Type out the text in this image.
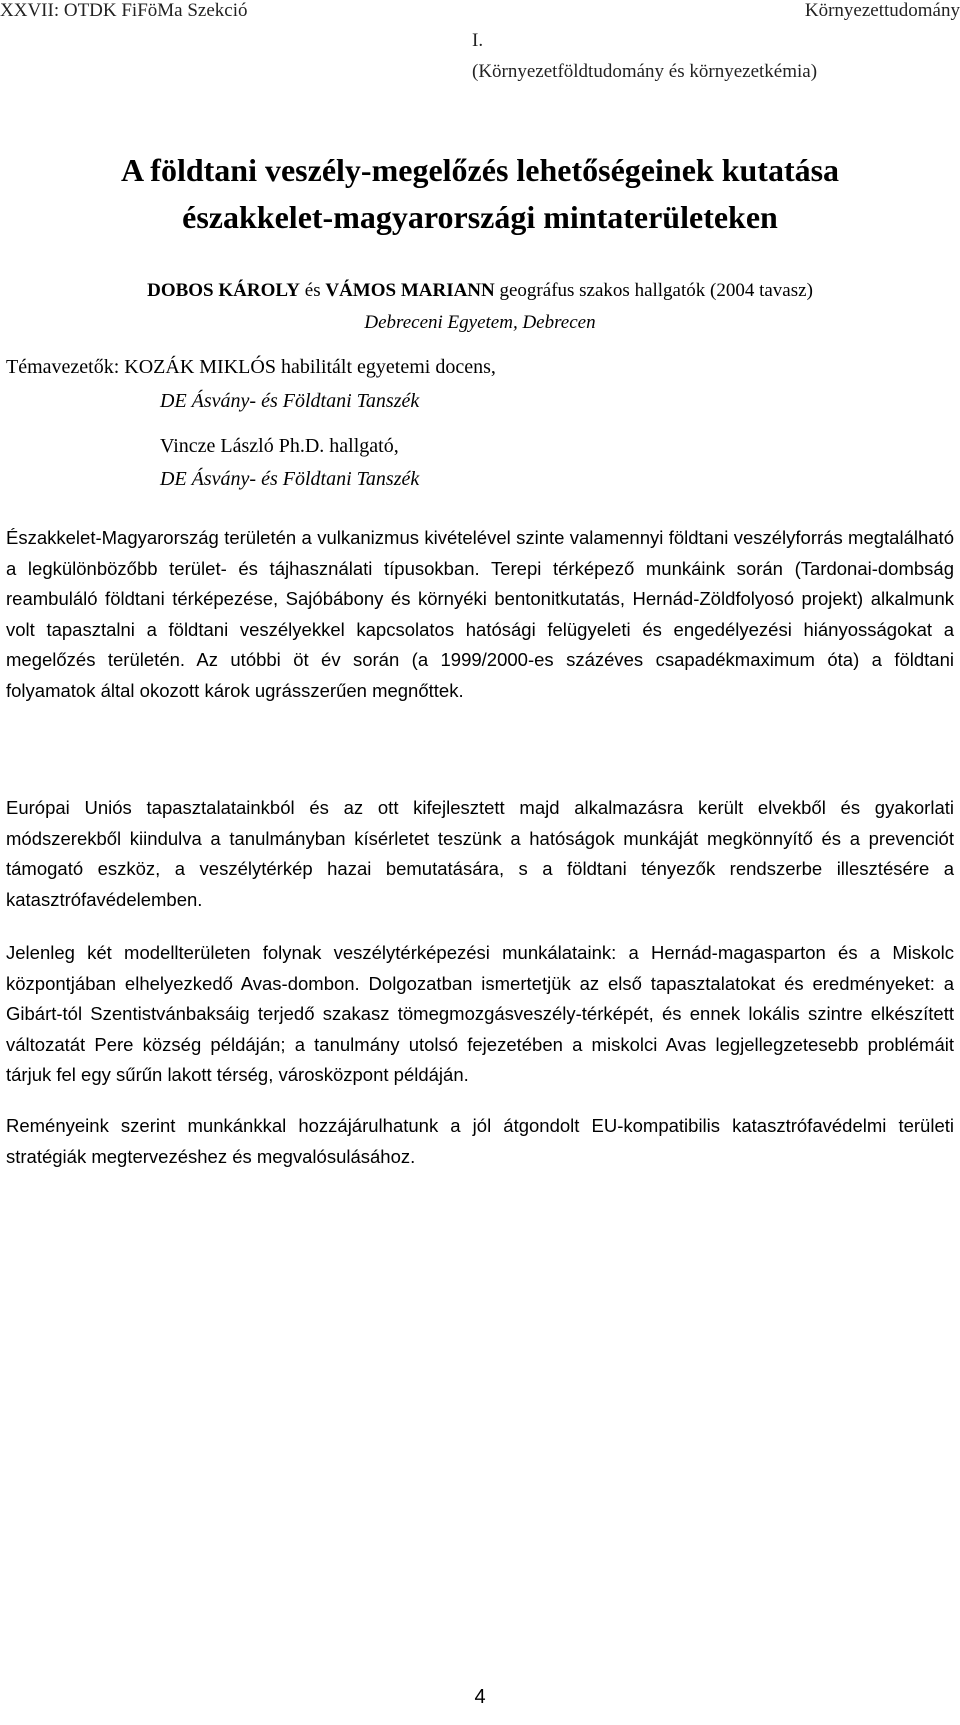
XXVII: OTDK FiFöMa Szekció	Környezettudomány
I.
(Környezetföldtudomány és környezetkémia)
A földtani veszély-megelőzés lehetőségeinek kutatása
északkelet-magyarországi mintaterületeken
DOBOS KÁROLY és VÁMOS MARIANN geográfus szakos hallgatók (2004 tavasz)
Debreceni Egyetem, Debrecen
Témavezetők: KOZÁK MIKLÓS habilitált egyetemi docens,
DE Ásvány- és Földtani Tanszék
Vincze László Ph.D. hallgató,
DE Ásvány- és Földtani Tanszék
Északkelet-Magyarország területén a vulkanizmus kivételével szinte valamennyi földtani veszélyforrás megtalálható a legkülönbözőbb terület- és tájhasználati típusokban. Terepi térképező munkáink során (Tardonai-dombság reambuláló földtani térképezése, Sajóbábony és környéki bentonitkutatás, Hernád-Zöldfolyosó projekt) alkalmunk volt tapasztalni a földtani veszélyekkel kapcsolatos hatósági felügyeleti és engedélyezési hiányosságokat a megelőzés területén. Az utóbbi öt év során (a 1999/2000-es százéves csapadékmaximum óta) a földtani folyamatok által okozott károk ugrásszerűen megnőttek.
Európai Uniós tapasztalatainkból és az ott kifejlesztett majd alkalmazásra került elvekből és gyakorlati módszerekből kiindulva a tanulmányban kísérletet teszünk a hatóságok munkáját megkönnyítő és a prevenciót támogató eszköz, a veszélytérkép hazai bemutatására, s a földtani tényezők rendszerbe illesztésére a katasztrófavédelemben.
Jelenleg két modellterületen folynak veszélytérképezési munkálataink: a Hernád-magasparton és a Miskolc központjában elhelyezkedő Avas-dombon. Dolgozatban ismertetjük az első tapasztalatokat és eredményeket: a Gibárt-tól Szentistvánbaksáig terjedő szakasz tömegmozgásveszély-térképét, és ennek lokális szintre elkészített változatát Pere község példáján; a tanulmány utolsó fejezetében a miskolci Avas legjellegzetesebb problémáit tárjuk fel egy sűrűn lakott térség, városközpont példáján.
Reményeink szerint munkánkkal hozzájárulhatunk a jól átgondolt EU-kompatibilis katasztrófavédelmi területi stratégiák megtervezéshez és megvalósulásához.
4
